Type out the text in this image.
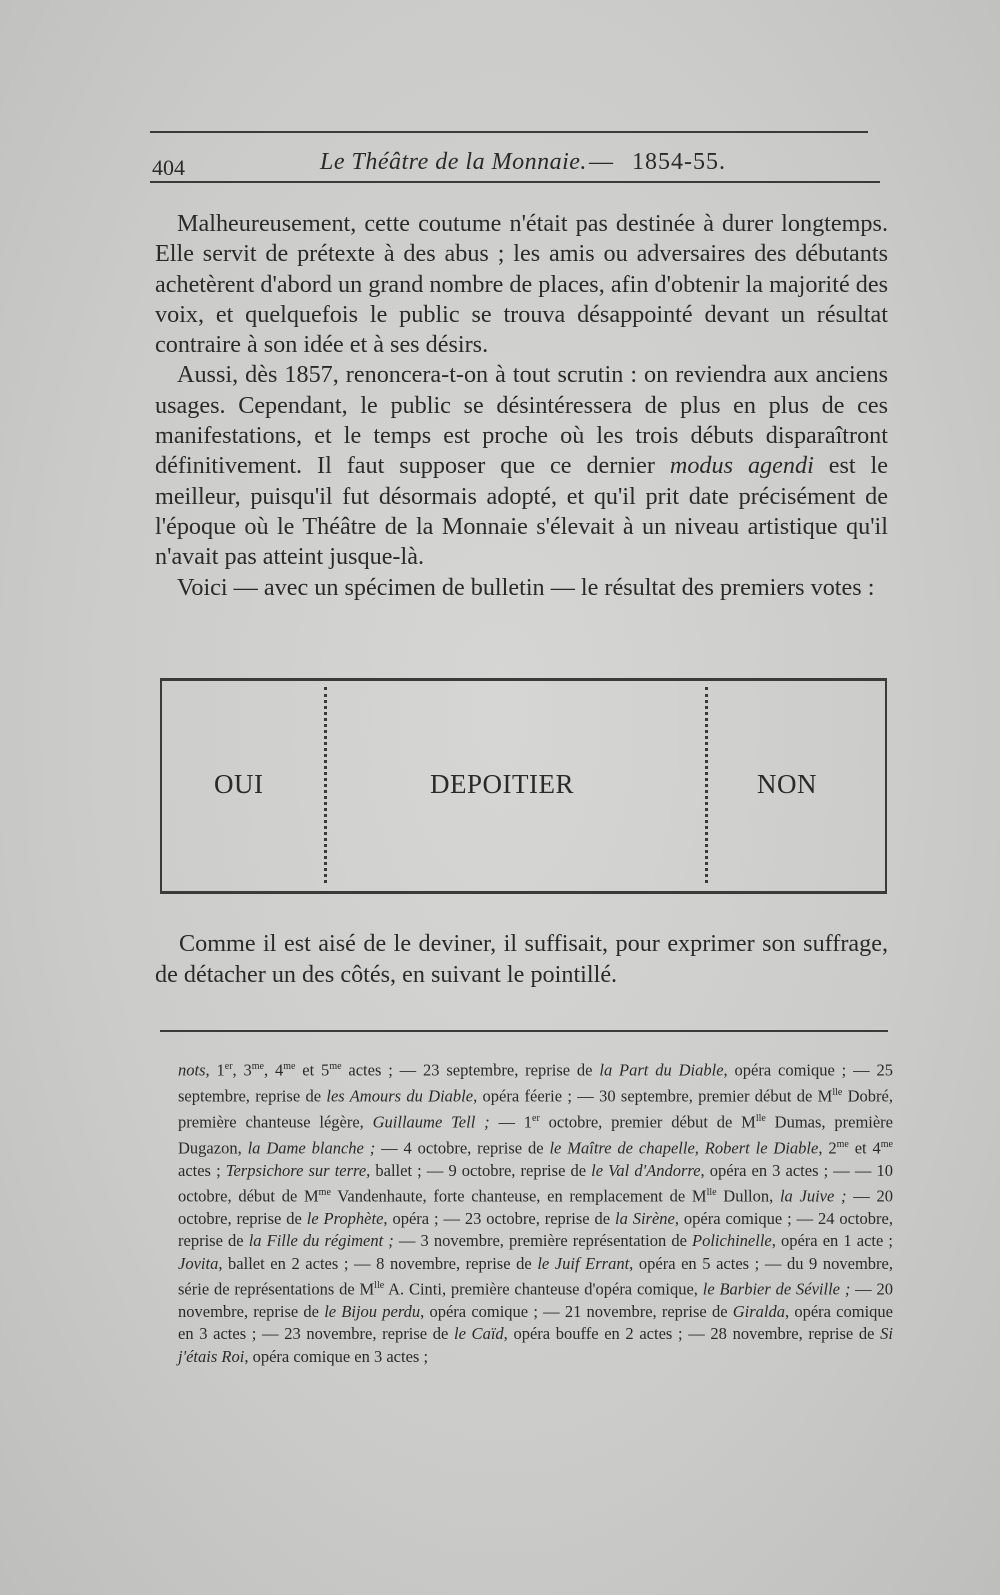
404	Le Théâtre de la Monnaie. — 1854-55.

Malheureusement, cette coutume n'était pas destinée à durer longtemps. Elle servit de prétexte à des abus ; les amis ou adversaires des débutants achetèrent d'abord un grand nombre de places, afin d'obtenir la majorité des voix, et quelquefois le public se trouva désappointé devant un résultat contraire à son idée et à ses désirs.

Aussi, dès 1857, renoncera-t-on à tout scrutin : on reviendra aux anciens usages. Cependant, le public se désintéressera de plus en plus de ces manifestations, et le temps est proche où les trois débuts disparaîtront définitivement. Il faut supposer que ce dernier modus agendi est le meilleur, puisqu'il fut désormais adopté, et qu'il prit date précisément de l'époque où le Théâtre de la Monnaie s'élevait à un niveau artistique qu'il n'avait pas atteint jusque-là.

Voici — avec un spécimen de bulletin — le résultat des premiers votes :

OUI	DEPOITIER	NON

Comme il est aisé de le deviner, il suffisait, pour exprimer son suffrage, de détacher un des côtés, en suivant le pointillé.

nots, 1er, $3^{me}$, $4^{me}$ et $5^{me}$ actes ; — 23 septembre, reprise de la Part du Diable, opéra comique ; — 25 septembre, reprise de les Amours du Diable, opéra féerie ; — 30 septembre, premier début de $M^{lle}$ Dobré, première chanteuse légère, Guillaume Tell ; — 1er octobre, premier début de $M^{lle}$ Dumas, première Dugazon, la Dame blanche ; — 4 octobre, reprise de le Maître de chapelle, Robert le Diable, $2^{me}$ et $4^{me}$ actes ; Terpsichore sur terre, ballet ; — 9 octobre, reprise de le Val d'Andorre, opéra en 3 actes ; — — 10 octobre, début de $M^{me}$ Vandenhaute, forte chanteuse, en remplacement de $M^{lle}$ Dullon, la Juive ; — 20 octobre, reprise de le Prophète, opéra ; — 23 octobre, reprise de la Sirène, opéra comique ; — 24 octobre, reprise de la Fille du régiment ; — 3 novembre, première représentation de Polichinelle, opéra en 1 acte ; Jovita, ballet en 2 actes ; — 8 novembre, reprise de le Juif Errant, opéra en 5 actes ; — du 9 novembre, série de représentations de $M^{lle}$ A. Cinti, première chanteuse d'opéra comique, le Barbier de Séville ; — 20 novembre, reprise de le Bijou perdu, opéra comique ; — 21 novembre, reprise de Giralda, opéra comique en 3 actes ; — 23 novembre, reprise de le Caïd, opéra bouffe en 2 actes ; — 28 novembre, reprise de Si j'étais Roi, opéra comique en 3 actes ;
